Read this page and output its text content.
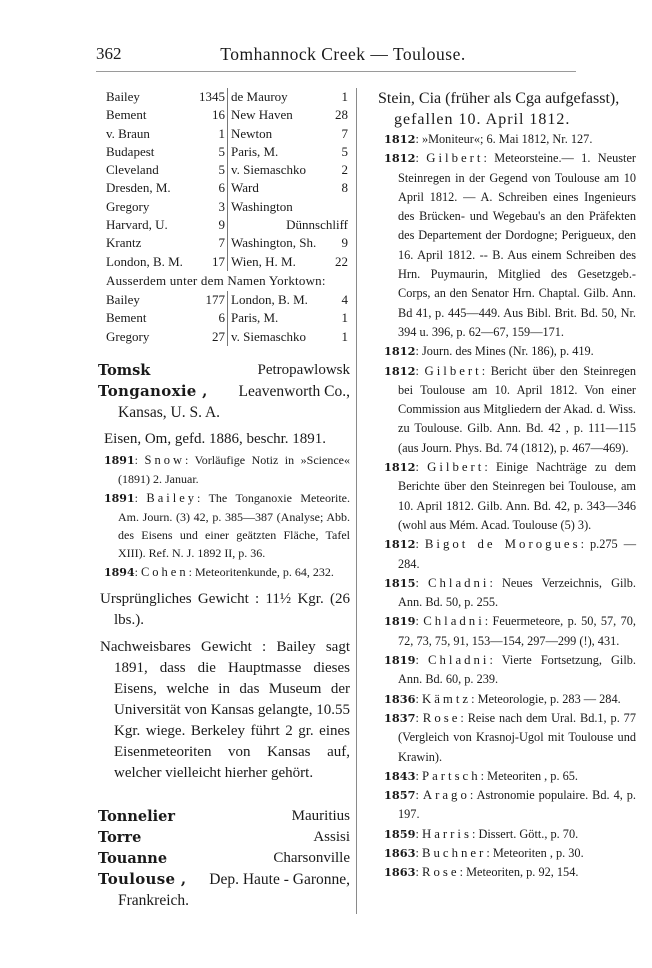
362	Tomhannock Creek — Toulouse.
Bailey	1345 de Mauroy	1
Bement	16 New Haven	28
v. Braun	1 Newton	7
Budapest	5 Paris, M.	5
Cleveland	5 v. Siemaschko	2
Dresden, M.	6 Ward	8
Gregory	3 Washington
Harvard, U.	9	Dünnschliff
Krantz	7 Washington, Sh. 9
London, B. M. 17 Wien, H. M.	22
Ausserdem unter dem Namen Yorktown:
Bailey	177 London, B. M.	4
Bement	6 Paris, M.	1
Gregory	27 v. Siemaschko	1
Tomsk	Petropawlowsk
Tonganoxie , Leavenworth Co.,
Kansas, U. S. A.
Eisen, Om, gefd. 1886, beschr. 1891.

1891: Snow: Vorläufige Notiz in »Science« (1891) 2. Januar.

1891: Bailey: The Tonganoxie Meteorite. Am. Journ. (3) 42, p. 385—387 (Analyse; Abb. des Eisens und einer geätzten Fläche, Tafel XIII). Ref. N. J. 1892 II, p. 36.

1894: Cohen: Meteoritenkunde, p. 64, 232.

Ursprüngliches Gewicht : 11½ Kgr. (26 lbs.).
Nachweisbares Gewicht : Bailey sagt 1891, dass die Hauptmasse dieses Eisens, welche in das Museum der Universität von Kansas gelangte, 10.55 Kgr. wiege. Berkeley führt 2 gr. eines Eisenmeteoriten von Kansas auf, welcher vielleicht hierher gehört.
Tonnelier	Mauritius
Torre	Assisi
Touanne	Charsonville
Toulouse , Dep. Haute - Garonne,
Frankreich.
Stein, Cia (früher als Cga aufgefasst),
gefallen 10. April 1812.

1812: »Moniteur«; 6. Mai 1812, Nr. 127.

1812: Gilbert: Meteorsteine.— 1. Neuster Steinregen in der Gegend von Toulouse am 10 April 1812. — A. Schreiben eines Ingenieurs des Brücken- und Wegebau's an den Präfekten des Departement der Dordogne; Perigueux, den 16. April 1812. -- B. Aus einem Schreiben des Hrn. Puymaurin, Mitglied des Gesetzgeb.-Corps, an den Senator Hrn. Chaptal. Gilb. Ann. Bd 41, p. 445—449. Aus Bibl. Brit. Bd. 50, Nr. 394 u. 396, p. 62—67, 159—171.

1812: Journ. des Mines (Nr. 186), p. 419.

1812: Gilbert: Bericht über den Steinregen bei Toulouse am 10. April 1812. Von einer Commission aus Mitgliedern der Akad. d. Wiss. zu Toulouse. Gilb. Ann. Bd. 42 , p. 111—115 (aus Journ. Phys. Bd. 74 (1812), p. 467—469).

1812: Gilbert: Einige Nachträge zu dem Berichte über den Steinregen bei Toulouse, am 10. April 1812. Gilb. Ann. Bd. 42, p. 343—346 (wohl aus Mém. Acad. Toulouse (5) 3).

1812: Bigot de Morogues: p.275 —284.

1815: Chladni: Neues Verzeichnis, Gilb. Ann. Bd. 50, p. 255.

1819: Chladni: Feuermeteore, p. 50, 57, 70, 72, 73, 75, 91, 153—154, 297—299 (!), 431.

1819: Chladni: Vierte Fortsetzung, Gilb. Ann. Bd. 60, p. 239.

1836: Kämtz: Meteorologie, p. 283 — 284.

1837: Rose: Reise nach dem Ural. Bd.1, p. 77 (Vergleich von Krasnoj-Ugol mit Toulouse und Krawin).

1843: Partsch: Meteoriten , p. 65.

1857: Arago: Astronomie populaire. Bd. 4, p. 197.

1859: Harris: Dissert. Gött., p. 70.

1863: Buchner: Meteoriten , p. 30.

1863: Rose: Meteoriten, p. 92, 154.
